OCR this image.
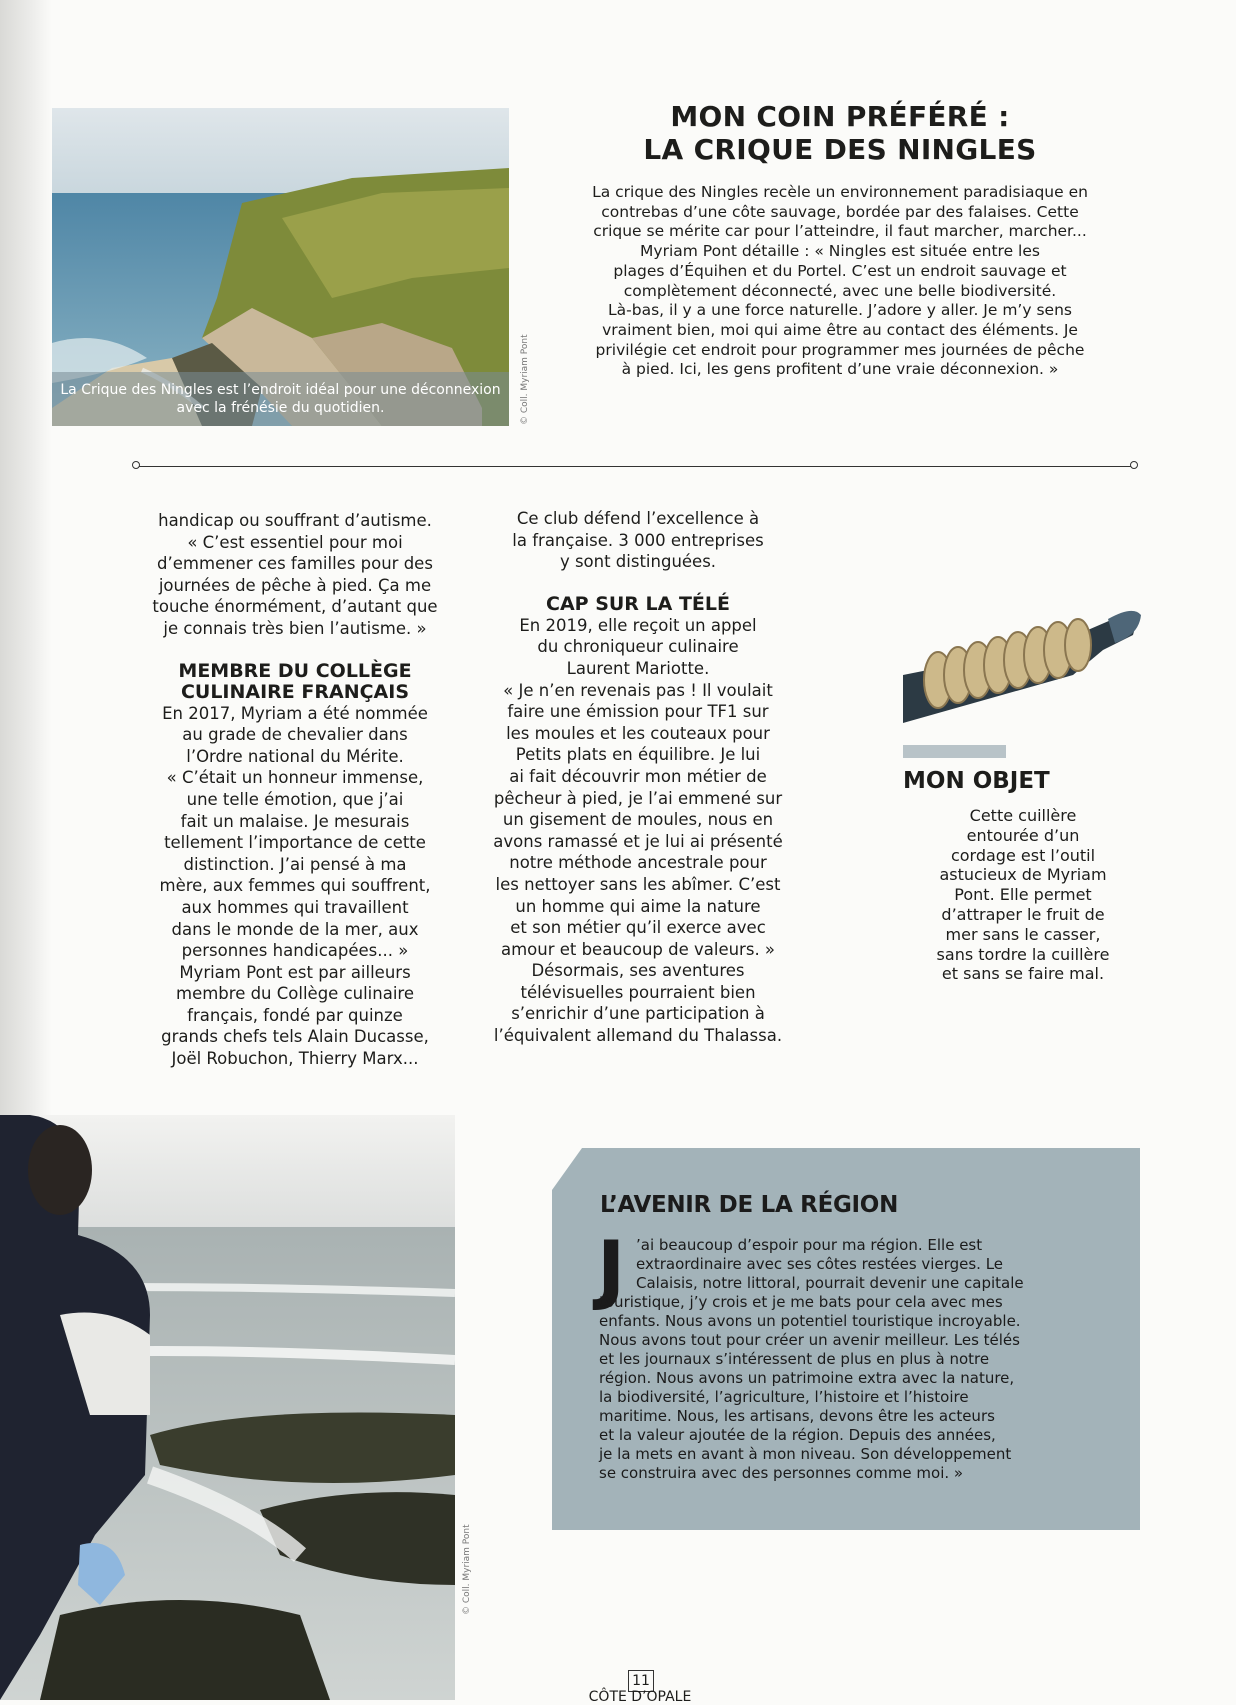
La Crique des Ningles est l’endroit idéal pour une déconnexion avec la frénésie du quotidien.	© Coll. Myriam Pont
MON COIN PRÉFÉRÉ :
LA CRIQUE DES NINGLES
La crique des Ningles recèle un environnement paradisiaque en
contrebas d’une côte sauvage, bordée par des falaises. Cette
crique se mérite car pour l’atteindre, il faut marcher, marcher...
Myriam Pont détaille : « Ningles est située entre les
plages d’Équihen et du Portel. C’est un endroit sauvage et
complètement déconnecté, avec une belle biodiversité.
Là-bas, il y a une force naturelle. J’adore y aller. Je m’y sens
vraiment bien, moi qui aime être au contact des éléments. Je
privilégie cet endroit pour programmer mes journées de pêche
à pied. Ici, les gens profitent d’une vraie déconnexion. »

handicap ou souffrant d’autisme.

« C’est essentiel pour moi

d’emmener ces familles pour des

journées de pêche à pied. Ça me

touche énormément, d’autant que

je connais très bien l’autisme. »

MEMBRE DU COLLÈGE
CULINAIRE FRANÇAIS

En 2017, Myriam a été nommée

au grade de chevalier dans

l’Ordre national du Mérite.

« C’était un honneur immense,

une telle émotion, que j’ai

fait un malaise. Je mesurais

tellement l’importance de cette

distinction. J’ai pensé à ma

mère, aux femmes qui souffrent,

aux hommes qui travaillent

dans le monde de la mer, aux

personnes handicapées... »

Myriam Pont est par ailleurs

membre du Collège culinaire

français, fondé par quinze

grands chefs tels Alain Ducasse,

Joël Robuchon, Thierry Marx...

Ce club défend l’excellence à

la française. 3 000 entreprises

y sont distinguées.

CAP SUR LA TÉLÉ

En 2019, elle reçoit un appel

du chroniqueur culinaire

Laurent Mariotte.

« Je n’en revenais pas ! Il voulait

faire une émission pour TF1 sur

les moules et les couteaux pour

Petits plats en équilibre. Je lui

ai fait découvrir mon métier de

pêcheur à pied, je l’ai emmené sur

un gisement de moules, nous en

avons ramassé et je lui ai présenté

notre méthode ancestrale pour

les nettoyer sans les abîmer. C’est

un homme qui aime la nature

et son métier qu’il exerce avec

amour et beaucoup de valeurs. »

Désormais, ses aventures

télévisuelles pourraient bien

s’enrichir d’une participation à

l’équivalent allemand du Thalassa.

MON OBJET
Cette cuillère
entourée d’un
cordage est l’outil
astucieux de Myriam
Pont. Elle permet
d’attraper le fruit de
mer sans le casser,
sans tordre la cuillère
et sans se faire mal.
© Coll. Myriam Pont
L’AVENIR DE LA RÉGION
J ’ai beaucoup d’espoir pour ma région. Elle est
extraordinaire avec ses côtes restées vierges. Le
Calaisis, notre littoral, pourrait devenir une capitale
touristique, j’y crois et je me bats pour cela avec mes
enfants. Nous avons un potentiel touristique incroyable.
Nous avons tout pour créer un avenir meilleur. Les télés
et les journaux s’intéressent de plus en plus à notre
région. Nous avons un patrimoine extra avec la nature,
la biodiversité, l’agriculture, l’histoire et l’histoire
maritime. Nous, les artisans, devons être les acteurs
et la valeur ajoutée de la région. Depuis des années,
je la mets en avant à mon niveau. Son développement
se construira avec des personnes comme moi. »
11
CÔTE D’OPALE
